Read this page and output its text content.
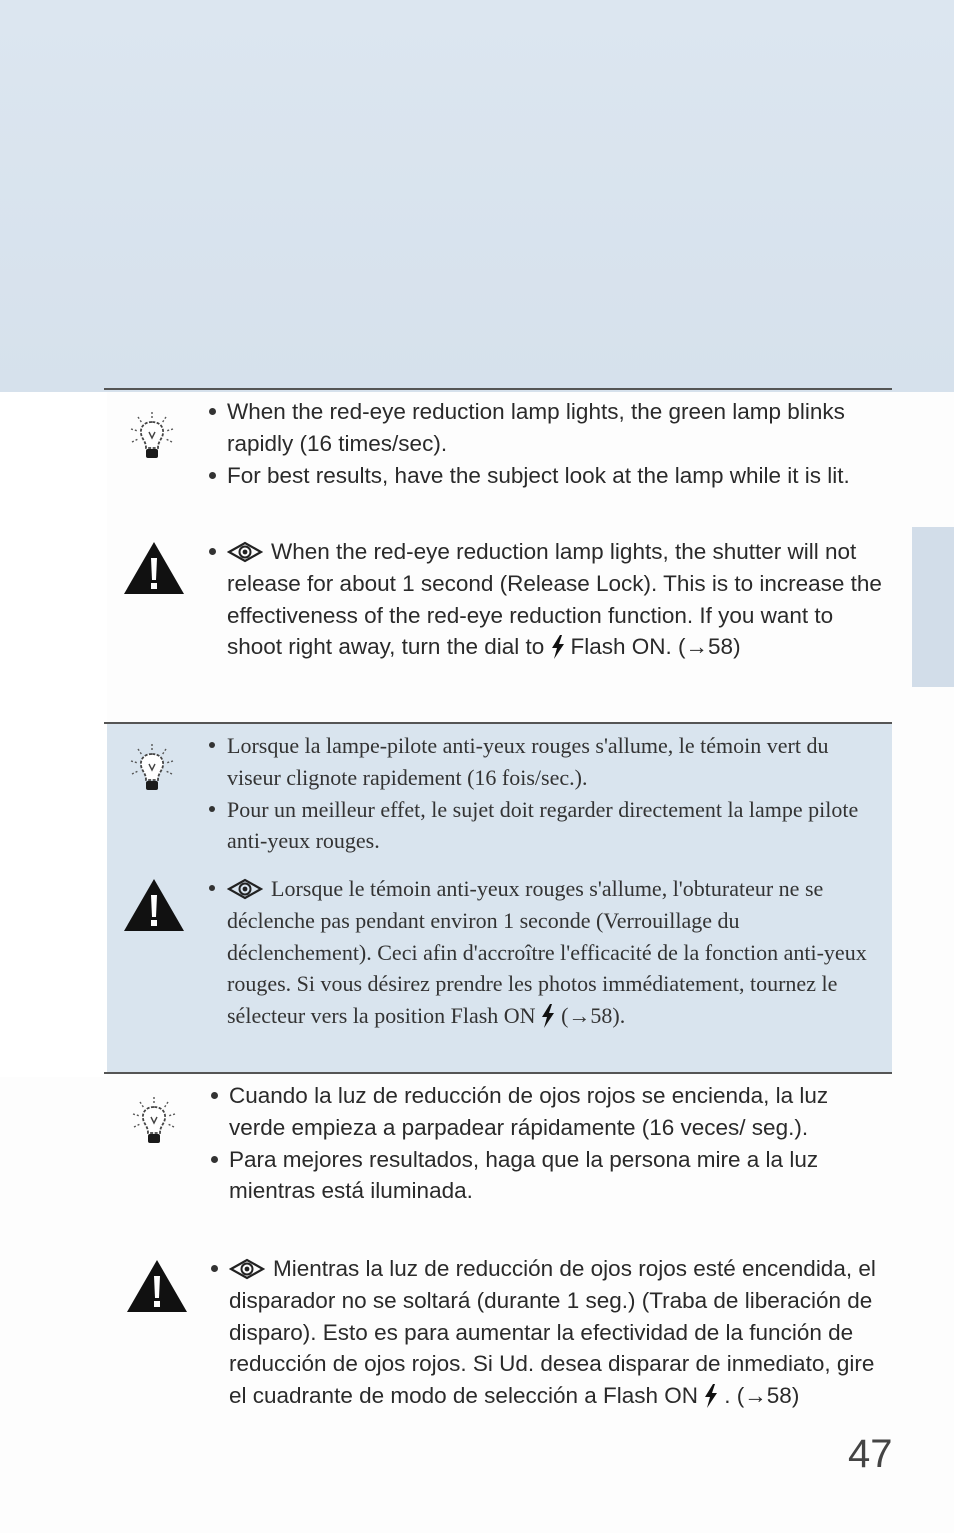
When the red-eye reduction lamp lights, the green lamp blinks rapidly (16 times/sec).
For best results, have the subject look at the lamp while it is lit.
When the red-eye reduction lamp lights, the shutter will not release for about 1 second (Release Lock). This is to increase the effectiveness of the red-eye reduction function. If you want to shoot right away, turn the dial to Flash ON. (→58)
Lorsque la lampe-pilote anti-yeux rouges s'allume, le témoin vert du viseur clignote rapidement (16 fois/sec.).
Pour un meilleur effet, le sujet doit regarder directement la lampe pilote anti-yeux rouges.
Lorsque le témoin anti-yeux rouges s'allume, l'obturateur ne se déclenche pas pendant environ 1 seconde (Verrouillage du déclenchement). Ceci afin d'accroître l'efficacité de la fonction anti-yeux rouges. Si vous désirez prendre les photos immédiatement, tournez le sélecteur vers la position Flash ON (→58).
Cuando la luz de reducción de ojos rojos se encienda, la luz verde empieza a parpadear rápidamente (16 veces/ seg.).
Para mejores resultados, haga que la persona mire a la luz mientras está iluminada.
Mientras la luz de reducción de ojos rojos esté encendida, el disparador no se soltará (durante 1 seg.) (Traba de liberación de disparo). Esto es para aumentar la efectividad de la función de reducción de ojos rojos. Si Ud. desea disparar de inmediato, gire el cuadrante de modo de selección a Flash ON . (→58)
47
